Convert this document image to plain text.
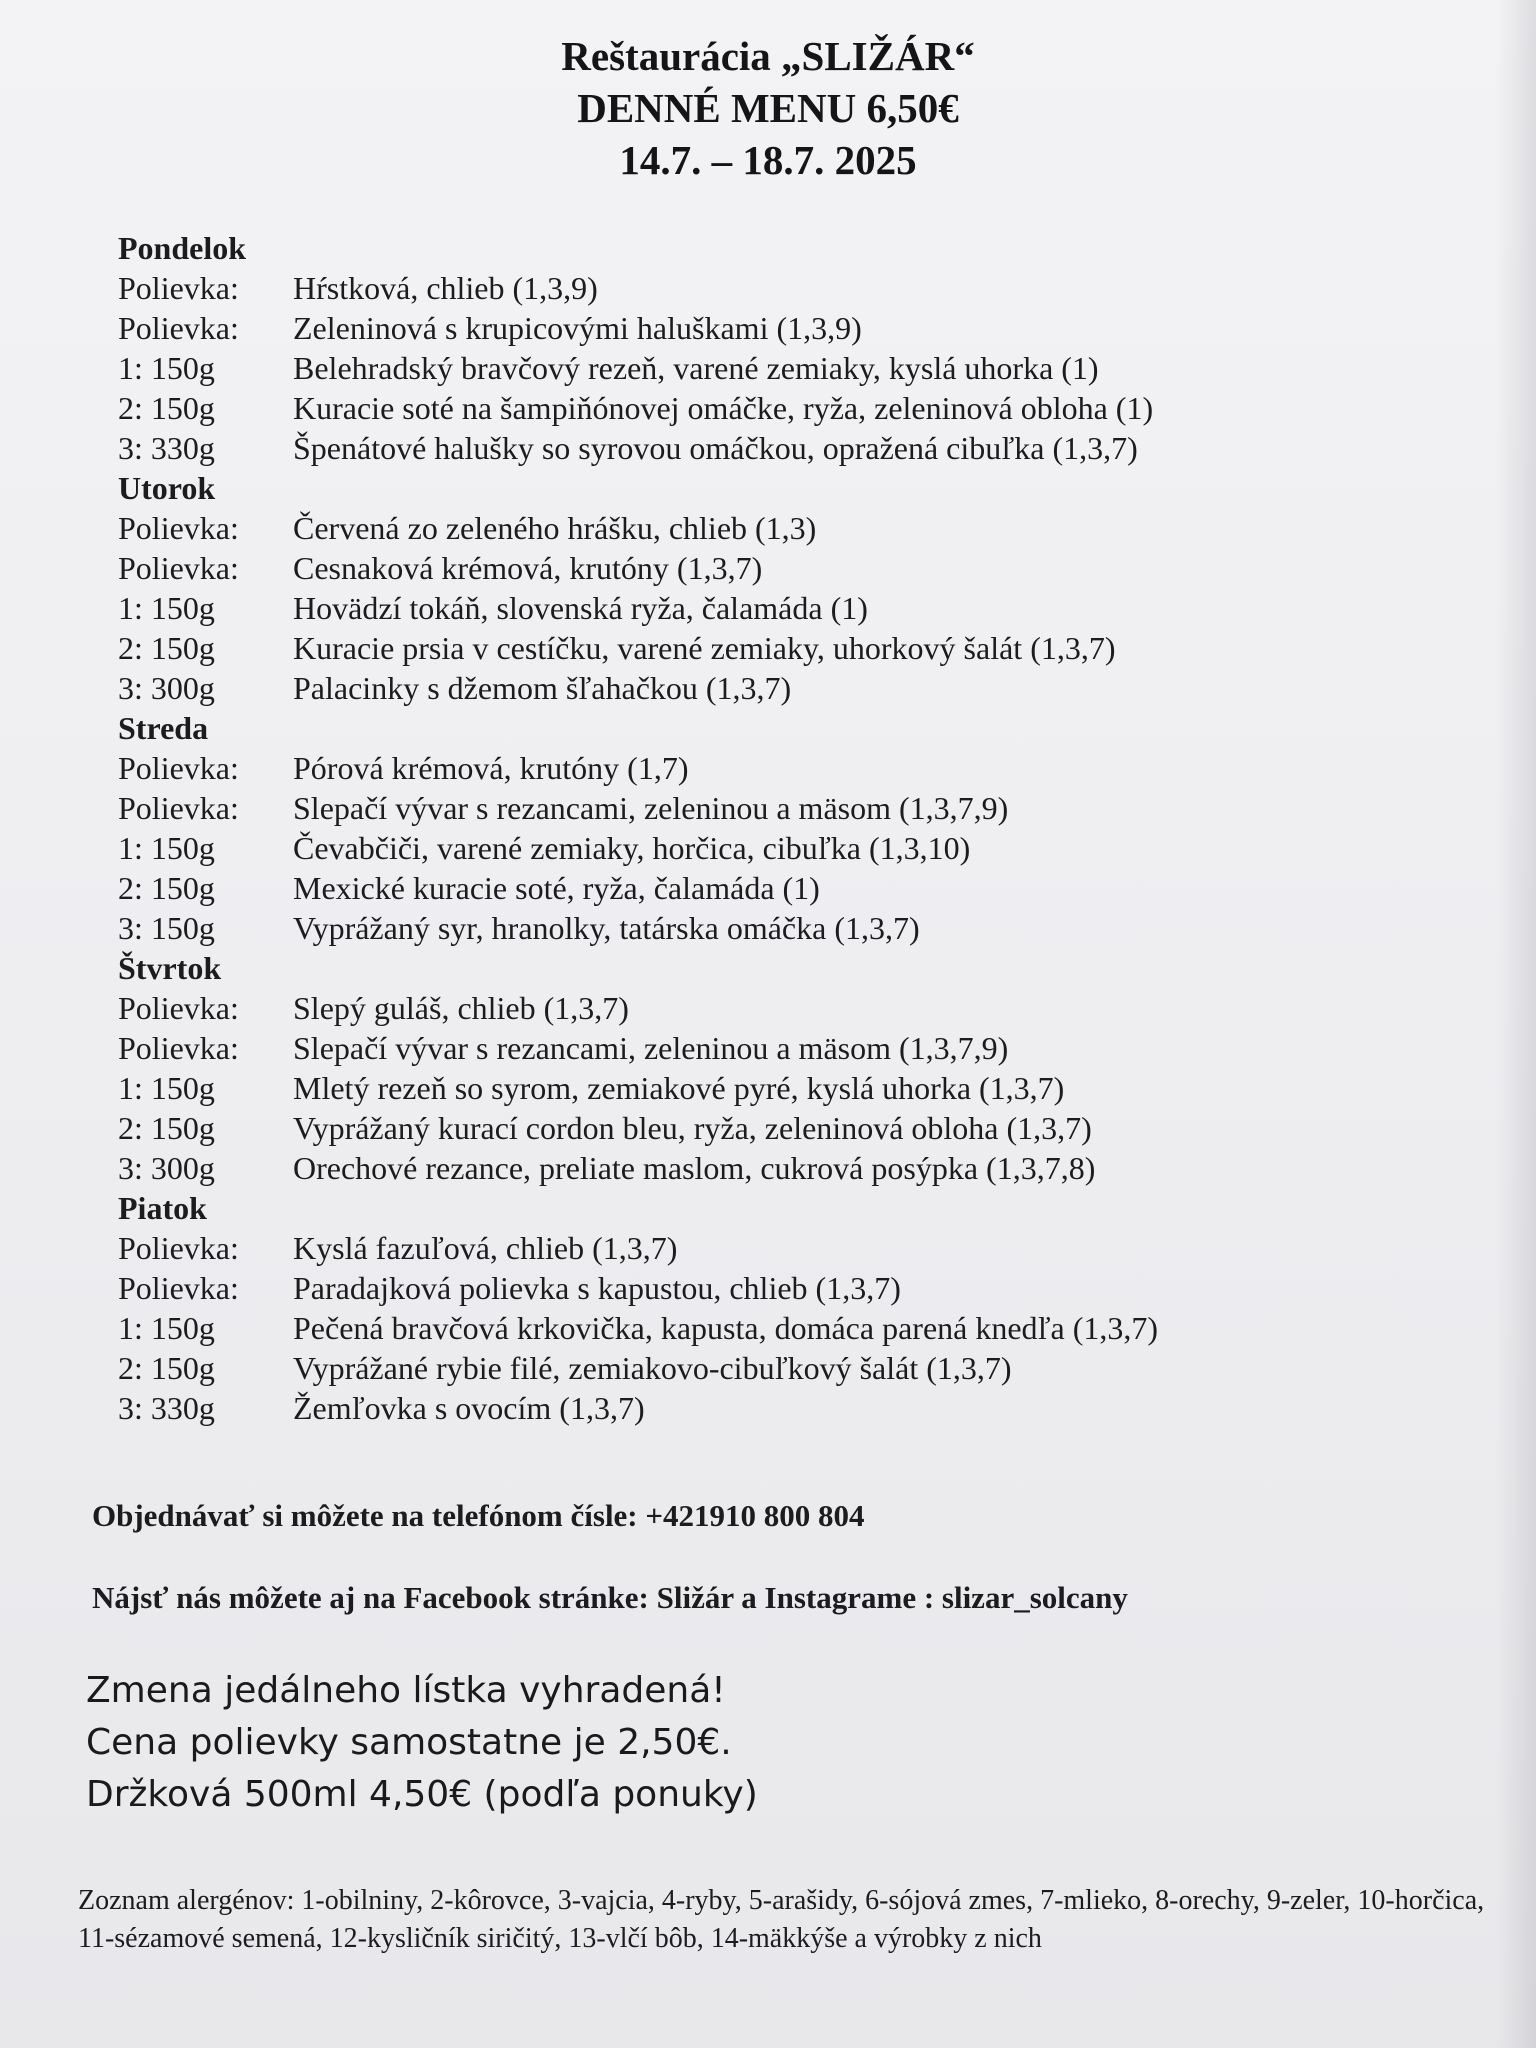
Reštaurácia „SLIŽÁR“
DENNÉ MENU 6,50€
14.7. – 18.7. 2025
Pondelok
Polievka: Hŕstková, chlieb (1,3,9)
Polievka: Zeleninová s krupicovými haluškami (1,3,9)
1: 150g Belehradský bravčový rezeň, varené zemiaky, kyslá uhorka (1)
2: 150g Kuracie soté na šampiňónovej omáčke, ryža, zeleninová obloha (1)
3: 330g Špenátové halušky so syrovou omáčkou, opražená cibuľka (1,3,7)
Utorok
Polievka: Červená zo zeleného hrášku, chlieb (1,3)
Polievka: Cesnaková krémová, krutóny (1,3,7)
1: 150g Hovädzí tokáň, slovenská ryža, čalamáda (1)
2: 150g Kuracie prsia v cestíčku, varené zemiaky, uhorkový šalát (1,3,7)
3: 300g Palacinky s džemom šľahačkou (1,3,7)
Streda
Polievka: Pórová krémová, krutóny (1,7)
Polievka: Slepačí vývar s rezancami, zeleninou a mäsom (1,3,7,9)
1: 150g Čevabčiči, varené zemiaky, horčica, cibuľka (1,3,10)
2: 150g Mexické kuracie soté, ryža, čalamáda (1)
3: 150g Vyprážaný syr, hranolky, tatárska omáčka (1,3,7)
Štvrtok
Polievka: Slepý guláš, chlieb (1,3,7)
Polievka: Slepačí vývar s rezancami, zeleninou a mäsom (1,3,7,9)
1: 150g Mletý rezeň so syrom, zemiakové pyré, kyslá uhorka (1,3,7)
2: 150g Vyprážaný kurací cordon bleu, ryža, zeleninová obloha (1,3,7)
3: 300g Orechové rezance, preliate maslom, cukrová posýpka (1,3,7,8)
Piatok
Polievka: Kyslá fazuľová, chlieb (1,3,7)
Polievka: Paradajková polievka s kapustou, chlieb (1,3,7)
1: 150g Pečená bravčová krkovička, kapusta, domáca parená knedľa (1,3,7)
2: 150g Vyprážané rybie filé, zemiakovo-cibuľkový šalát (1,3,7)
3: 330g Žemľovka s ovocím (1,3,7)
Objednávať si môžete na telefónom čísle: +421910 800 804
Nájsť nás môžete aj na Facebook stránke: Sližár a Instagrame : slizar_solcany
Zmena jedálneho lístka vyhradená!
Cena polievky samostatne je 2,50€.
Držková 500ml 4,50€ (podľa ponuky)
Zoznam alergénov: 1-obilniny, 2-kôrovce, 3-vajcia, 4-ryby, 5-arašidy, 6-sójová zmes, 7-mlieko, 8-orechy, 9-zeler, 10-horčica, 11-sézamové semená, 12-kysličník siričitý, 13-vlčí bôb, 14-mäkkýše a výrobky z nich
